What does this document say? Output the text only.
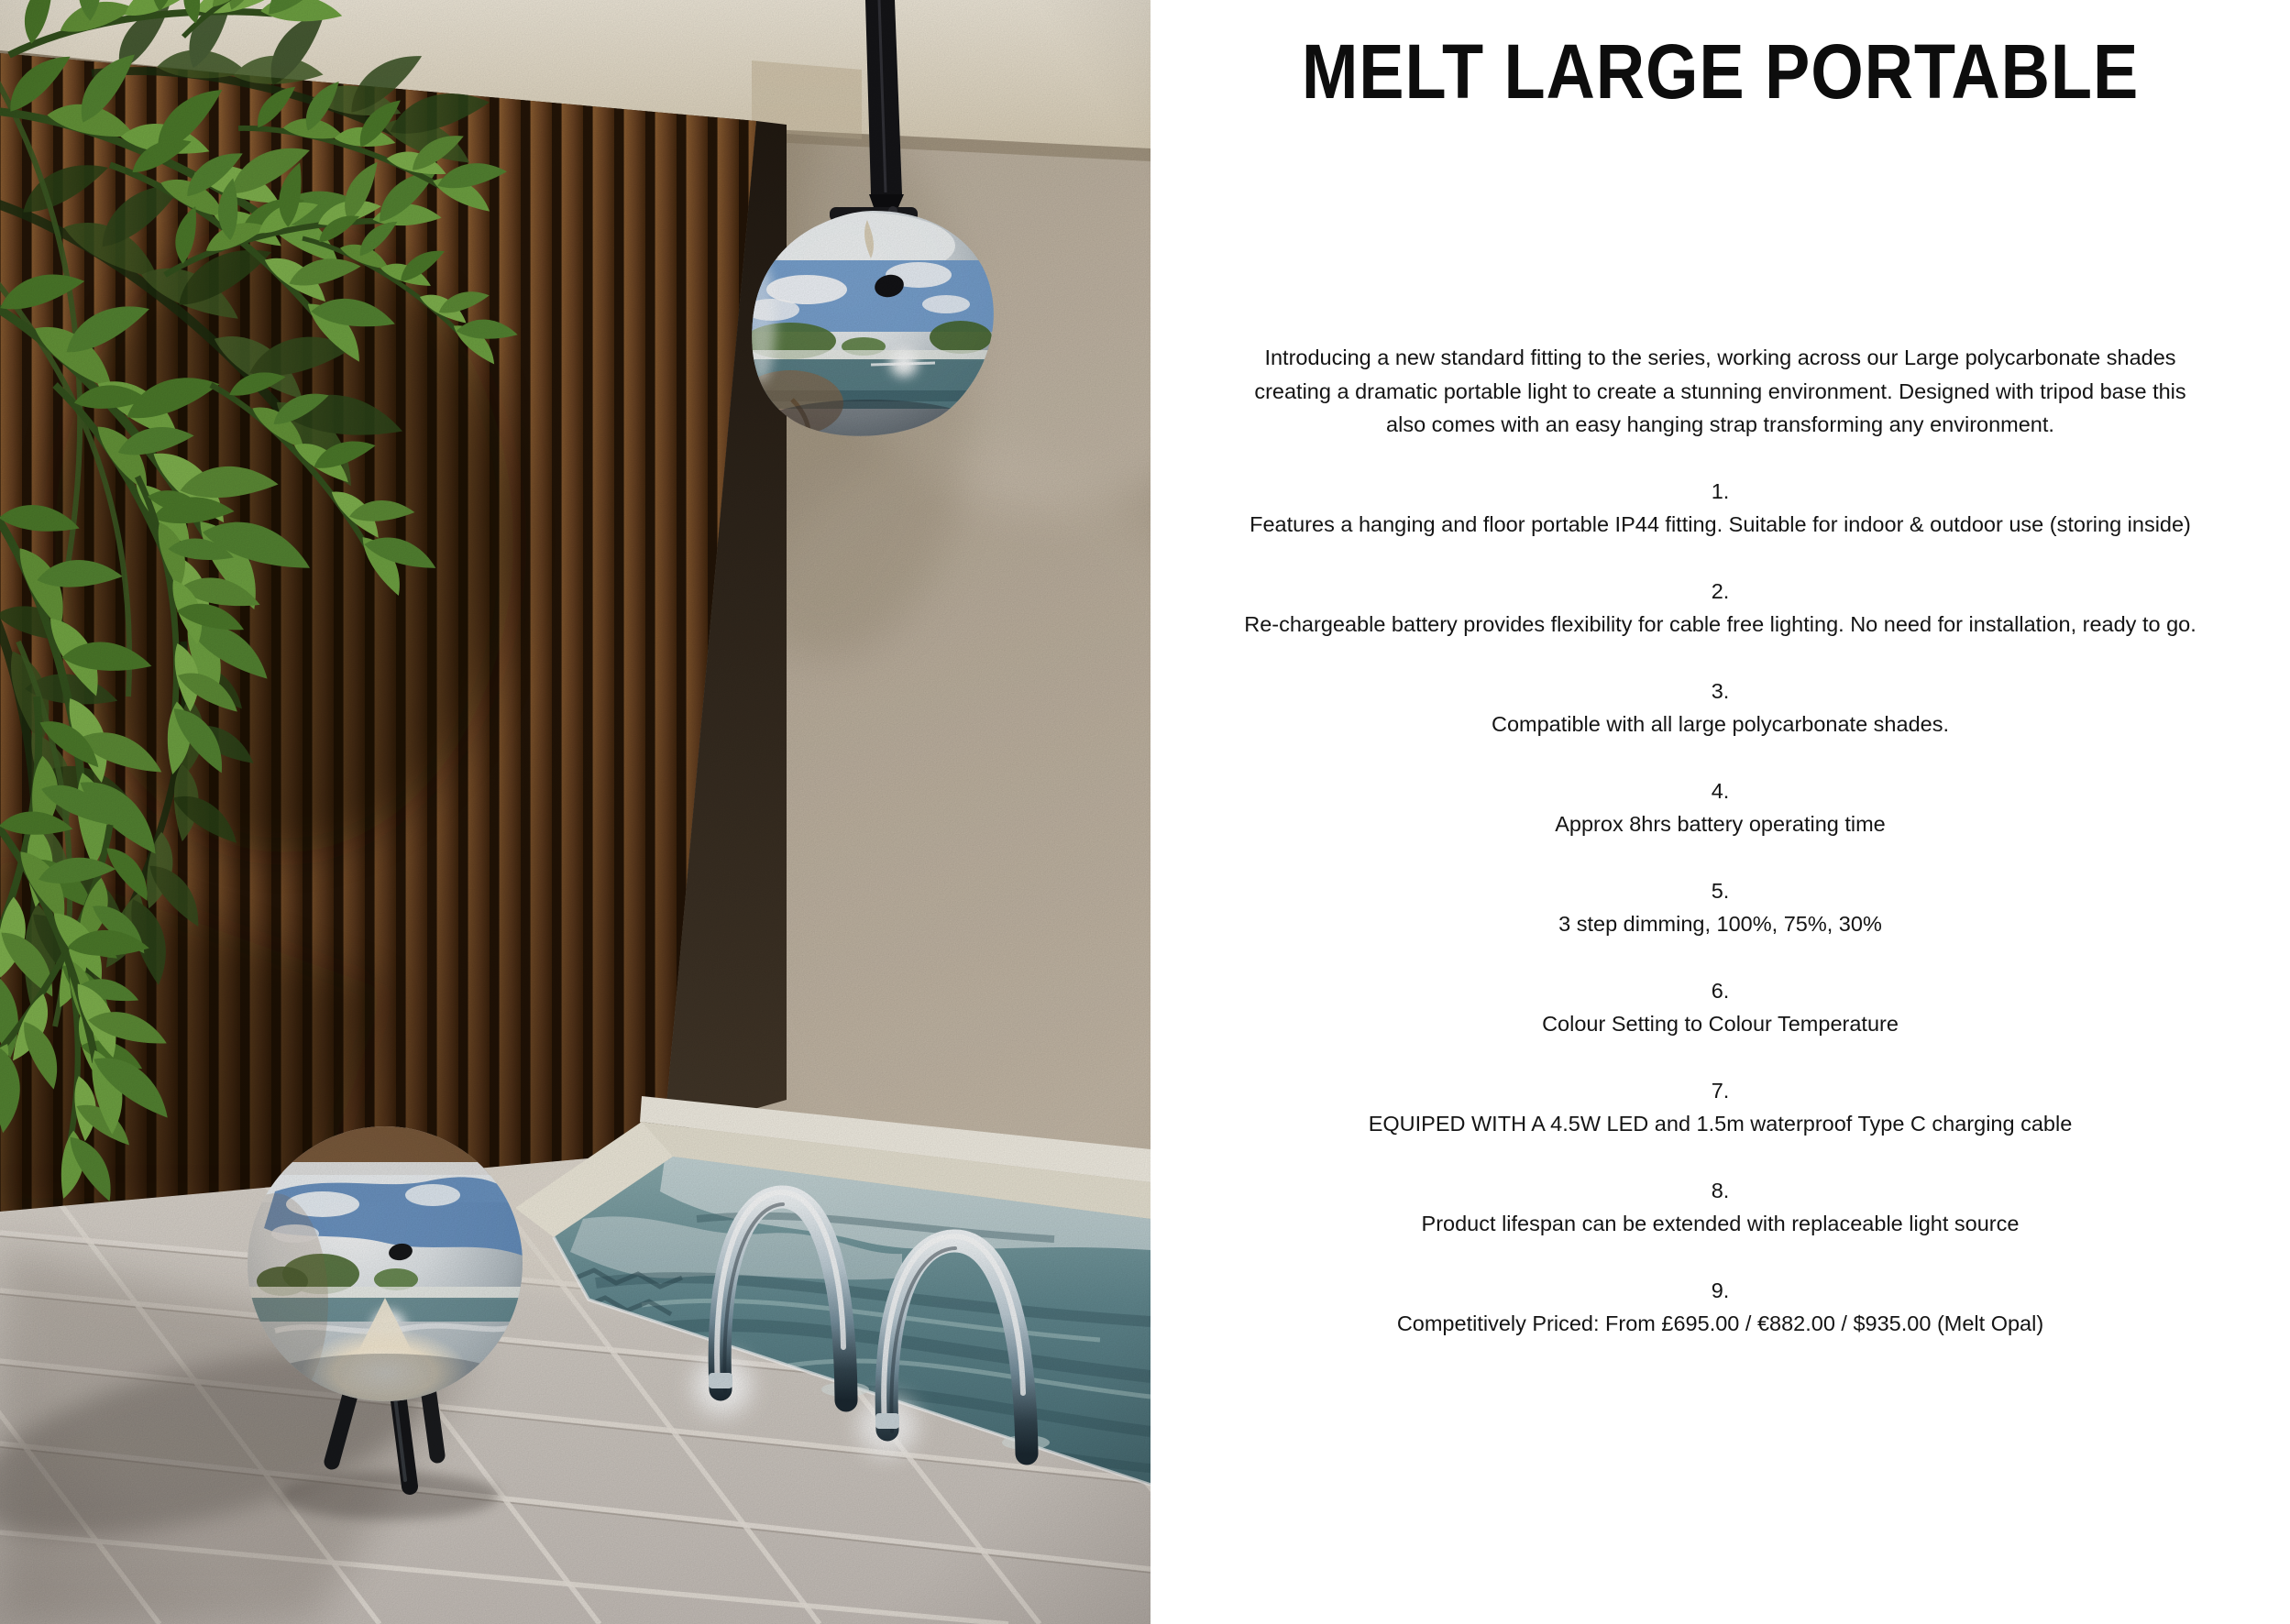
MELT LARGE PORTABLE

Introducing a new standard fitting to the series, working across our Large polycarbonate shades creating a dramatic portable light to create a stunning environment. Designed with tripod base this also comes with an easy hanging strap transforming any environment.

1.
Features a hanging and floor portable IP44 fitting. Suitable for indoor & outdoor use (storing inside)
2.
Re-chargeable battery provides flexibility for cable free lighting. No need for installation, ready to go.
3.
Compatible with all large polycarbonate shades.
4.
Approx 8hrs battery operating time
5.
3 step dimming, 100%, 75%, 30%
6.
Colour Setting to Colour Temperature
7.
EQUIPED WITH A 4.5W LED and 1.5m waterproof Type C charging cable
8.
Product lifespan can be extended with replaceable light source
9.
Competitively Priced: From £695.00 / €882.00 / $935.00 (Melt Opal)
